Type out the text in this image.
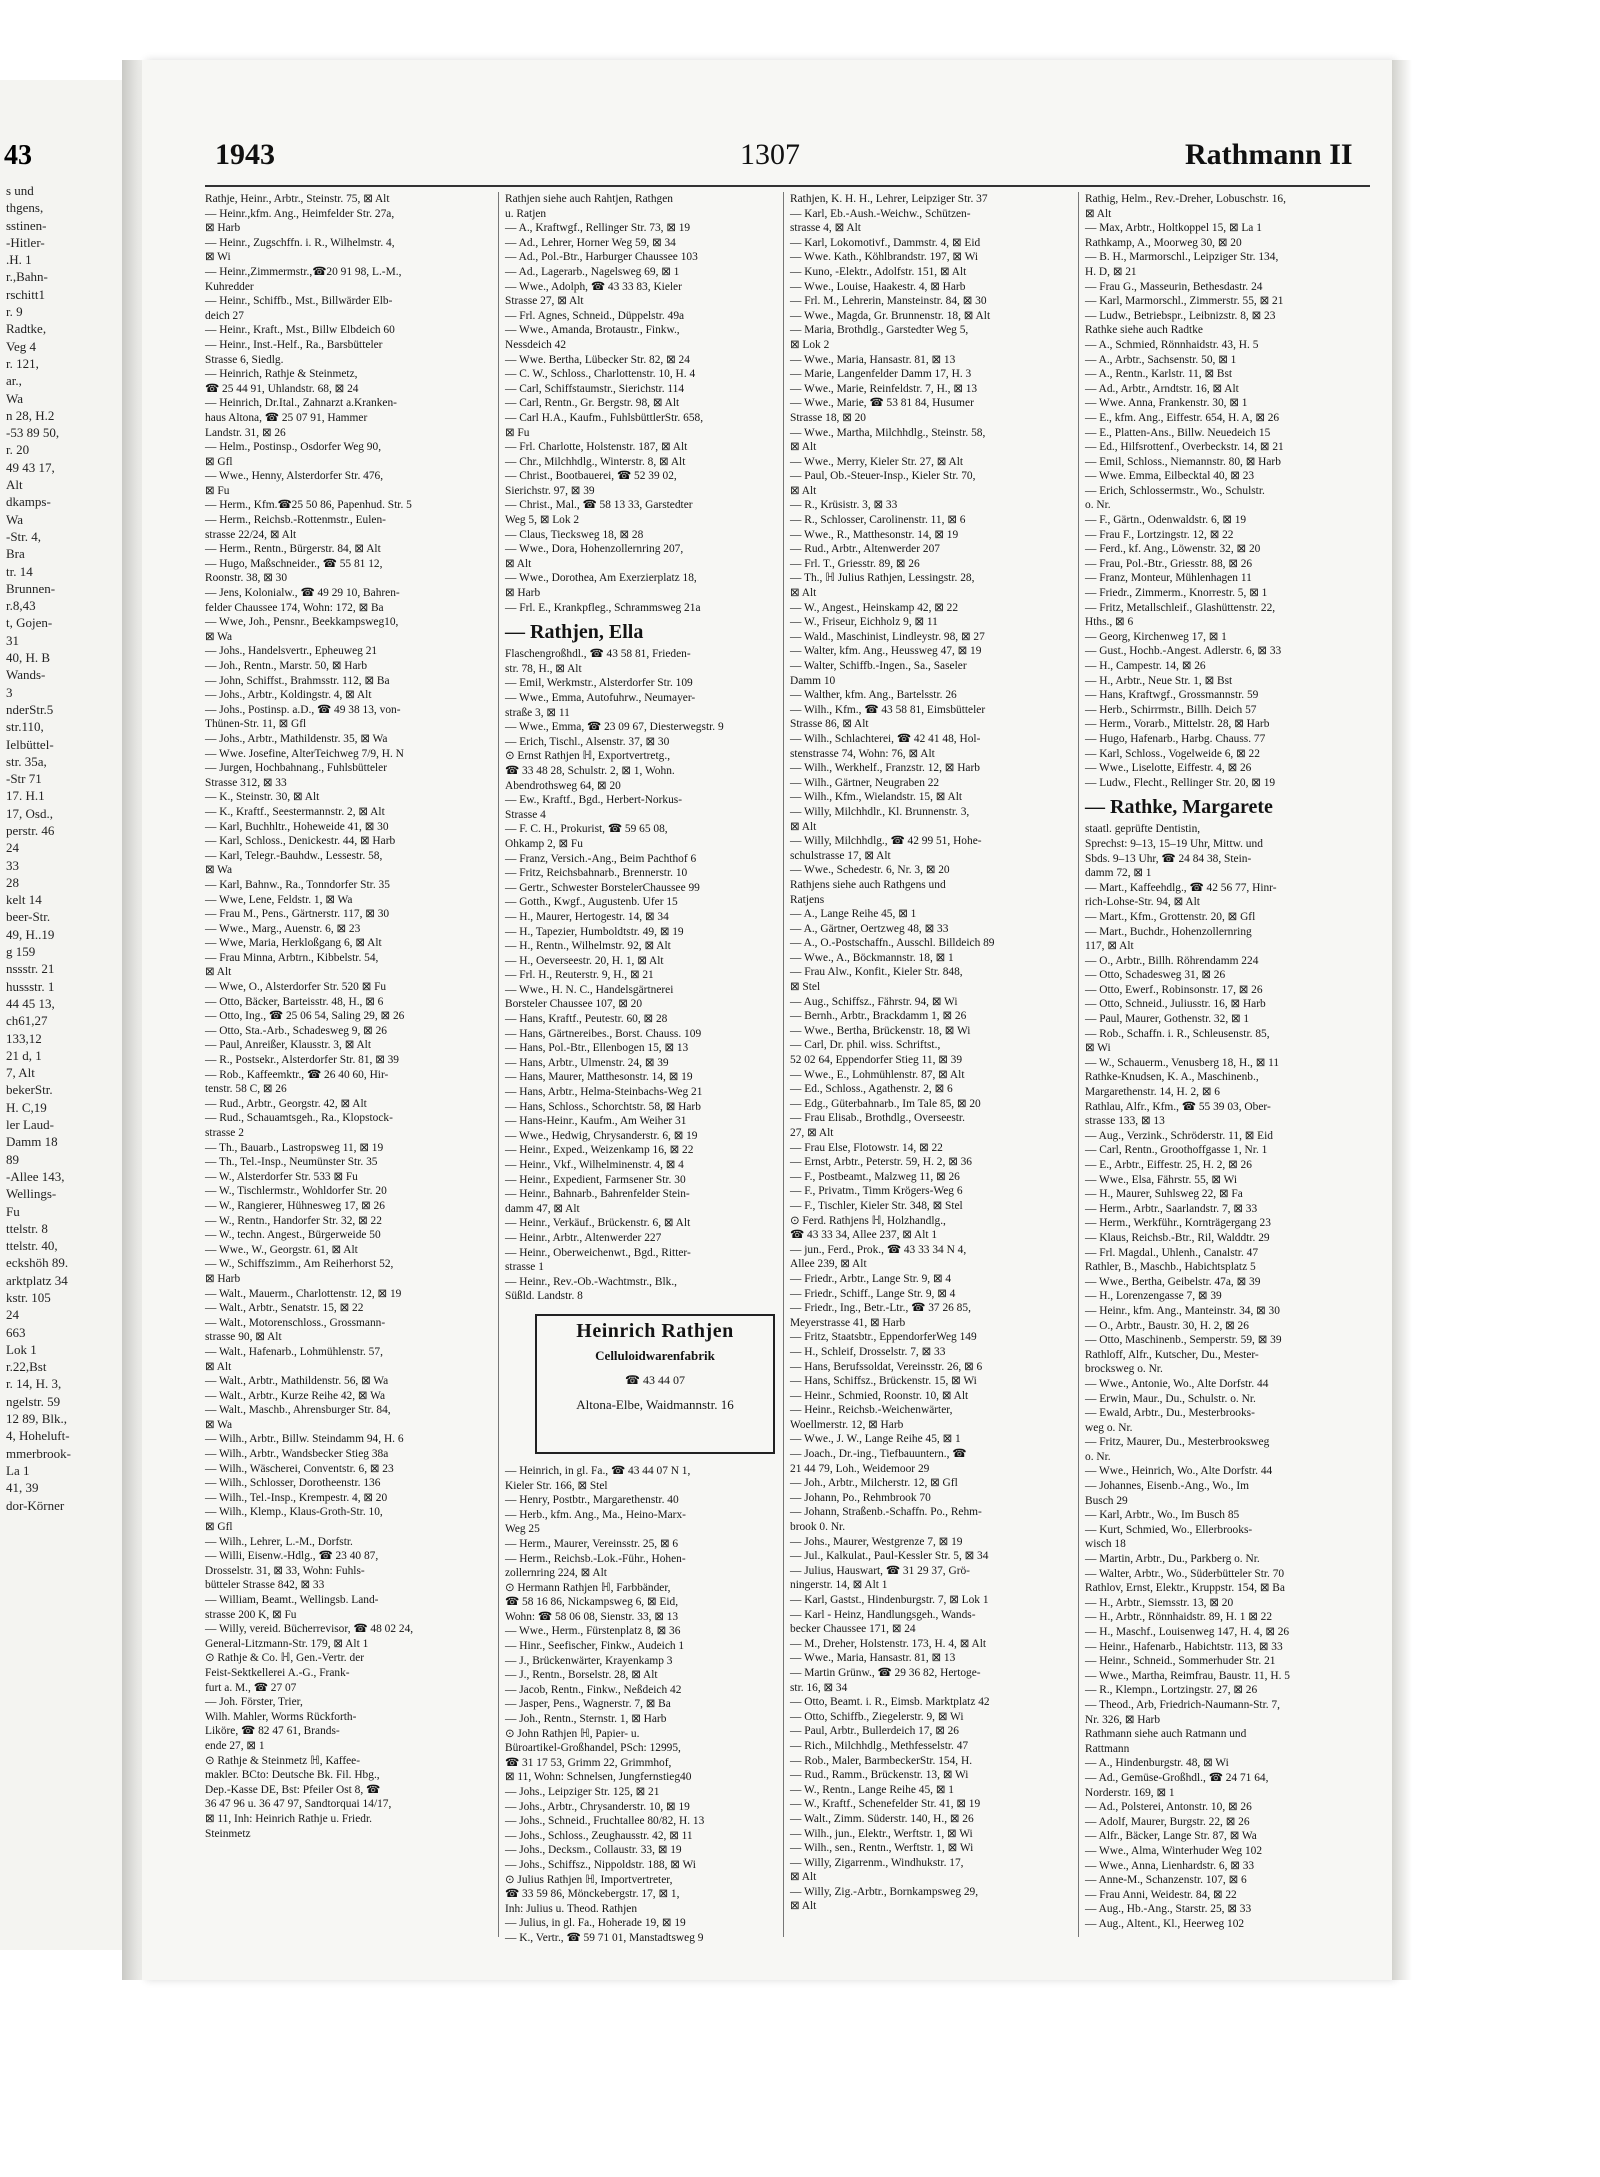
43
s und
thgens,
sstinen-
-Hitler-
.H. 1
r.,Bahn-
rschitt1
r. 9
Radtke,
Veg 4
r. 121,
ar.,
Wa
n 28, H.2
-53 89 50,
r. 20
49 43 17,
Alt
dkamps-
Wa
-Str. 4,
Bra
tr. 14
Brunnen-
r.8,43
t, Gojen-
31
40, H. B
Wands-
3
nderStr.5
str.110,
Ielbüttel-
str. 35a,
-Str 71
17. H.1
17, Osd.,
perstr. 46
24
33
28
kelt 14
beer-Str.
49, H..19
g 159
nssstr. 21
hussstr. 1
44 45 13,
ch61,27
133,12
21 d, 1
7, Alt
bekerStr.
H. C,19
ler Laud-
Damm 18
89
-Allee 143,
Wellings-
Fu
ttelstr. 8
ttelstr. 40,
eckshöh 89.
arktplatz 34
kstr. 105
24
663
Lok 1
r.22,Bst
r. 14, H. 3,
ngelstr. 59
12 89, Blk.,
4, Hoheluft-
mmerbrook-
La 1
41, 39
dor-Körner
1943	1307	Rathmann II
Rathje, Heinr., Arbtr., Steinstr. 75, ⊠ Alt
— Heinr.,kfm. Ang., Heimfelder Str. 27a,
⊠ Harb
— Heinr., Zugschffn. i. R., Wilhelmstr. 4,
⊠ Wi
— Heinr.,Zimmermstr.,☎20 91 98, L.-M.,
Kuhredder
— Heinr., Schiffb., Mst., Billwärder Elb-
deich 27
— Heinr., Kraft., Mst., Billw Elbdeich 60
— Heinr., Inst.-Helf., Ra., Barsbütteler
Strasse 6, Siedlg.
— Heinrich, Rathje & Steinmetz,
☎ 25 44 91, Uhlandstr. 68, ⊠ 24
— Heinrich, Dr.Ital., Zahnarzt a.Kranken-
haus Altona, ☎ 25 07 91, Hammer
Landstr. 31, ⊠ 26
— Helm., Postinsp., Osdorfer Weg 90,
⊠ Gfl
— Wwe., Henny, Alsterdorfer Str. 476,
⊠ Fu
— Herm., Kfm.☎25 50 86, Papenhud. Str. 5
— Herm., Reichsb.-Rottenmstr., Eulen-
strasse 22/24, ⊠ Alt
— Herm., Rentn., Bürgerstr. 84, ⊠ Alt
— Hugo, Maßschneider., ☎ 55 81 12,
Roonstr. 38, ⊠ 30
— Jens, Kolonialw., ☎ 49 29 10, Bahren-
felder Chaussee 174, Wohn: 172, ⊠ Ba
— Wwe, Joh., Pensnr., Beekkampsweg10,
⊠ Wa
— Johs., Handelsvertr., Epheuweg 21
— Joh., Rentn., Marstr. 50, ⊠ Harb
— John, Schiffst., Brahmsstr. 112, ⊠ Ba
— Johs., Arbtr., Koldingstr. 4, ⊠ Alt
— Johs., Postinsp. a.D., ☎ 49 38 13, von-
Thünen-Str. 11, ⊠ Gfl
— Johs., Arbtr., Mathildenstr. 35, ⊠ Wa
— Wwe. Josefine, AlterTeichweg 7/9, H. N
— Jurgen, Hochbahnang., Fuhlsbütteler
Strasse 312, ⊠ 33
— K., Steinstr. 30, ⊠ Alt
— K., Kraftf., Seestermannstr. 2, ⊠ Alt
— Karl, Buchhltr., Hoheweide 41, ⊠ 30
— Karl, Schloss., Denickestr. 44, ⊠ Harb
— Karl, Telegr.-Bauhdw., Lessestr. 58,
⊠ Wa
— Karl, Bahnw., Ra., Tonndorfer Str. 35
— Wwe, Lene, Feldstr. 1, ⊠ Wa
— Frau M., Pens., Gärtnerstr. 117, ⊠ 30
— Wwe., Marg., Auenstr. 6, ⊠ 23
— Wwe, Maria, Herkloßgang 6, ⊠ Alt
— Frau Minna, Arbtrn., Kibbelstr. 54,
⊠ Alt
— Wwe, O., Alsterdorfer Str. 520 ⊠ Fu
— Otto, Bäcker, Barteisstr. 48, H., ⊠ 6
— Otto, Ing., ☎ 25 06 54, Saling 29, ⊠ 26
— Otto, Sta.-Arb., Schadesweg 9, ⊠ 26
— Paul, Anreißer, Klausstr. 3, ⊠ Alt
— R., Postsekr., Alsterdorfer Str. 81, ⊠ 39
— Rob., Kaffeemktr., ☎ 26 40 60, Hir-
tenstr. 58 C, ⊠ 26
— Rud., Arbtr., Georgstr. 42, ⊠ Alt
— Rud., Schauamtsgeh., Ra., Klopstock-
strasse 2
— Th., Bauarb., Lastropsweg 11, ⊠ 19
— Th., Tel.-Insp., Neumünster Str. 35
— W., Alsterdorfer Str. 533 ⊠ Fu
— W., Tischlermstr., Wohldorfer Str. 20
— W., Rangierer, Hühnesweg 17, ⊠ 26
— W., Rentn., Handorfer Str. 32, ⊠ 22
— W., techn. Angest., Bürgerweide 50
— Wwe., W., Georgstr. 61, ⊠ Alt
— W., Schiffszimm., Am Reiherhorst 52,
⊠ Harb
— Walt., Mauerm., Charlottenstr. 12, ⊠ 19
— Walt., Arbtr., Senatstr. 15, ⊠ 22
— Walt., Motorenschloss., Grossmann-
strasse 90, ⊠ Alt
— Walt., Hafenarb., Lohmühlenstr. 57,
⊠ Alt
— Walt., Arbtr., Mathildenstr. 56, ⊠ Wa
— Walt., Arbtr., Kurze Reihe 42, ⊠ Wa
— Walt., Maschb., Ahrensburger Str. 84,
⊠ Wa
— Wilh., Arbtr., Billw. Steindamm 94, H. 6
— Wilh., Arbtr., Wandsbecker Stieg 38a
— Wilh., Wäscherei, Conventstr. 6, ⊠ 23
— Wilh., Schlosser, Dorotheenstr. 136
— Wilh., Tel.-Insp., Krempestr. 4, ⊠ 20
— Wilh., Klemp., Klaus-Groth-Str. 10,
⊠ Gfl
— Wilh., Lehrer, L.-M., Dorfstr.
— Willi, Eisenw.-Hdlg., ☎ 23 40 87,
Drosselstr. 31, ⊠ 33, Wohn: Fuhls-
bütteler Strasse 842, ⊠ 33
— William, Beamt., Wellingsb. Land-
strasse 200 K, ⊠ Fu
— Willy, vereid. Bücherrevisor, ☎ 48 02 24,
General-Litzmann-Str. 179, ⊠ Alt 1
⊙ Rathje & Co. ℍ, Gen.-Vertr. der
Feist-Sektkellerei A.-G., Frank-
furt a. M., ☎ 27 07
— Joh. Förster, Trier,
Wilh. Mahler, Worms Rückforth-
Liköre, ☎ 82 47 61, Brands-
ende 27, ⊠ 1
⊙ Rathje & Steinmetz ℍ, Kaffee-
makler. BCto: Deutsche Bk. Fil. Hbg.,
Dep.-Kasse DE, Bst: Pfeiler Ost 8, ☎
36 47 96 u. 36 47 97, Sandtorquai 14/17,
⊠ 11, Inh: Heinrich Rathje u. Friedr.
Steinmetz
Rathjen siehe auch Rahtjen, Rathgen
u. Ratjen
— A., Kraftwgf., Rellinger Str. 73, ⊠ 19
— Ad., Lehrer, Horner Weg 59, ⊠ 34
— Ad., Pol.-Btr., Harburger Chaussee 103
— Ad., Lagerarb., Nagelsweg 69, ⊠ 1
— Wwe., Adolph, ☎ 43 33 83, Kieler
Strasse 27, ⊠ Alt
— Frl. Agnes, Schneid., Düppelstr. 49a
— Wwe., Amanda, Brotaustr., Finkw.,
Nessdeich 42
— Wwe. Bertha, Lübecker Str. 82, ⊠ 24
— C. W., Schloss., Charlottenstr. 10, H. 4
— Carl, Schiffstaumstr., Sierichstr. 114
— Carl, Rentn., Gr. Bergstr. 98, ⊠ Alt
— Carl H.A., Kaufm., FuhlsbüttlerStr. 658,
⊠ Fu
— Frl. Charlotte, Holstenstr. 187, ⊠ Alt
— Chr., Milchhdlg., Winterstr. 8, ⊠ Alt
— Christ., Bootbauerei, ☎ 52 39 02,
Sierichstr. 97, ⊠ 39
— Christ., Mal., ☎ 58 13 33, Garstedter
Weg 5, ⊠ Lok 2
— Claus, Tiecksweg 18, ⊠ 28
— Wwe., Dora, Hohenzollernring 207,
⊠ Alt
— Wwe., Dorothea, Am Exerzierplatz 18,
⊠ Harb
— Frl. E., Krankpfleg., Schrammsweg 21a
— Rathjen, Ella
Flaschengroßhdl., ☎ 43 58 81, Frieden-
str. 78, H., ⊠ Alt
— Emil, Werkmstr., Alsterdorfer Str. 109
— Wwe., Emma, Autofuhrw., Neumayer-
straße 3, ⊠ 11
— Wwe., Emma, ☎ 23 09 67, Diesterwegstr. 9
— Erich, Tischl., Alsenstr. 37, ⊠ 30
⊙ Ernst Rathjen ℍ, Exportvertretg.,
☎ 33 48 28, Schulstr. 2, ⊠ 1, Wohn.
Abendrothsweg 64, ⊠ 20
— Ew., Kraftf., Bgd., Herbert-Norkus-
Strasse 4
— F. C. H., Prokurist, ☎ 59 65 08,
Ohkamp 2, ⊠ Fu
— Franz, Versich.-Ang., Beim Pachthof 6
— Fritz, Reichsbahnarb., Brennerstr. 10
— Gertr., Schwester BorstelerChaussee 99
— Gotth., Kwgf., Augustenb. Ufer 15
— H., Maurer, Hertogestr. 14, ⊠ 34
— H., Tapezier, Humboldtstr. 49, ⊠ 19
— H., Rentn., Wilhelmstr. 92, ⊠ Alt
— H., Oeverseestr. 20, H. 1, ⊠ Alt
— Frl. H., Reuterstr. 9, H., ⊠ 21
— Wwe., H. N. C., Handelsgärtnerei
Borsteler Chaussee 107, ⊠ 20
— Hans, Kraftf., Peutestr. 60, ⊠ 28
— Hans, Gärtnereibes., Borst. Chauss. 109
— Hans, Pol.-Btr., Ellenbogen 15, ⊠ 13
— Hans, Arbtr., Ulmenstr. 24, ⊠ 39
— Hans, Maurer, Matthesonstr. 14, ⊠ 19
— Hans, Arbtr., Helma-Steinbachs-Weg 21
— Hans, Schloss., Schorchtstr. 58, ⊠ Harb
— Hans-Heinr., Kaufm., Am Weiher 31
— Wwe., Hedwig, Chrysanderstr. 6, ⊠ 19
— Heinr., Exped., Weizenkamp 16, ⊠ 22
— Heinr., Vkf., Wilhelminenstr. 4, ⊠ 4
— Heinr., Expedient, Farmsener Str. 30
— Heinr., Bahnarb., Bahrenfelder Stein-
damm 47, ⊠ Alt
— Heinr., Verkäuf., Brückenstr. 6, ⊠ Alt
— Heinr., Arbtr., Altenwerder 227
— Heinr., Oberweichenwt., Bgd., Ritter-
strasse 1
— Heinr., Rev.-Ob.-Wachtmstr., Blk.,
Süßld. Landstr. 8
Heinrich Rathjen
Celluloidwarenfabrik
☎ 43 44 07
Altona-Elbe, Waidmannstr. 16
— Heinrich, in gl. Fa., ☎ 43 44 07 N 1,
Kieler Str. 166, ⊠ Stel
— Henry, Postbtr., Margarethenstr. 40
— Herb., kfm. Ang., Ma., Heino-Marx-
Weg 25
— Herm., Maurer, Vereinsstr. 25, ⊠ 6
— Herm., Reichsb.-Lok.-Führ., Hohen-
zollernring 224, ⊠ Alt
⊙ Hermann Rathjen ℍ, Farbbänder,
☎ 58 16 86, Nickampsweg 6, ⊠ Eid,
Wohn: ☎ 58 06 08, Sienstr. 33, ⊠ 13
— Wwe., Herm., Fürstenplatz 8, ⊠ 36
— Hinr., Seefischer, Finkw., Audeich 1
— J., Brückenwärter, Krayenkamp 3
— J., Rentn., Borselstr. 28, ⊠ Alt
— Jacob, Rentn., Finkw., Neßdeich 42
— Jasper, Pens., Wagnerstr. 7, ⊠ Ba
— Joh., Rentn., Sternstr. 1, ⊠ Harb
⊙ John Rathjen ℍ, Papier- u.
Büroartikel-Großhandel, PSch: 12995,
☎ 31 17 53, Grimm 22, Grimmhof,
⊠ 11, Wohn: Schnelsen, Jungfernstieg40
— Johs., Leipziger Str. 125, ⊠ 21
— Johs., Arbtr., Chrysanderstr. 10, ⊠ 19
— Johs., Schneid., Fruchtallee 80/82, H. 13
— Johs., Schloss., Zeughausstr. 42, ⊠ 11
— Johs., Decksm., Collaustr. 33, ⊠ 19
— Johs., Schiffsz., Nippoldstr. 188, ⊠ Wi
⊙ Julius Rathjen ℍ, Importvertreter,
☎ 33 59 86, Mönckebergstr. 17, ⊠ 1,
Inh: Julius u. Theod. Rathjen
— Julius, in gl. Fa., Hoherade 19, ⊠ 19
— K., Vertr., ☎ 59 71 01, Manstadtsweg 9
Rathjen, K. H. H., Lehrer, Leipziger Str. 37
— Karl, Eb.-Aush.-Weichw., Schützen-
strasse 4, ⊠ Alt
— Karl, Lokomotivf., Dammstr. 4, ⊠ Eid
— Wwe. Kath., Köhlbrandstr. 197, ⊠ Wi
— Kuno, -Elektr., Adolfstr. 151, ⊠ Alt
— Wwe., Louise, Haakestr. 4, ⊠ Harb
— Frl. M., Lehrerin, Mansteinstr. 84, ⊠ 30
— Wwe., Magda, Gr. Brunnenstr. 18, ⊠ Alt
— Maria, Brothdlg., Garstedter Weg 5,
⊠ Lok 2
— Wwe., Maria, Hansastr. 81, ⊠ 13
— Marie, Langenfelder Damm 17, H. 3
— Wwe., Marie, Reinfeldstr. 7, H., ⊠ 13
— Wwe., Marie, ☎ 53 81 84, Husumer
Strasse 18, ⊠ 20
— Wwe., Martha, Milchhdlg., Steinstr. 58,
⊠ Alt
— Wwe., Merry, Kieler Str. 27, ⊠ Alt
— Paul, Ob.-Steuer-Insp., Kieler Str. 70,
⊠ Alt
— R., Krüsistr. 3, ⊠ 33
— R., Schlosser, Carolinenstr. 11, ⊠ 6
— Wwe., R., Matthesonstr. 14, ⊠ 19
— Rud., Arbtr., Altenwerder 207
— Frl. T., Griesstr. 89, ⊠ 26
— Th., ℍ Julius Rathjen, Lessingstr. 28,
⊠ Alt
— W., Angest., Heinskamp 42, ⊠ 22
— W., Friseur, Eichholz 9, ⊠ 11
— Wald., Maschinist, Lindleystr. 98, ⊠ 27
— Walter, kfm. Ang., Heussweg 47, ⊠ 19
— Walter, Schiffb.-Ingen., Sa., Saseler
Damm 10
— Walther, kfm. Ang., Bartelsstr. 26
— Wilh., Kfm., ☎ 43 58 81, Eimsbütteler
Strasse 86, ⊠ Alt
— Wilh., Schlachterei, ☎ 42 41 48, Hol-
stenstrasse 74, Wohn: 76, ⊠ Alt
— Wilh., Werkhelf., Franzstr. 12, ⊠ Harb
— Wilh., Gärtner, Neugraben 22
— Wilh., Kfm., Wielandstr. 15, ⊠ Alt
— Willy, Milchhdlr., Kl. Brunnenstr. 3,
⊠ Alt
— Willy, Milchhdlg., ☎ 42 99 51, Hohe-
schulstrasse 17, ⊠ Alt
— Wwe., Schedestr. 6, Nr. 3, ⊠ 20
Rathjens siehe auch Rathgens und
Ratjens
— A., Lange Reihe 45, ⊠ 1
— A., Gärtner, Oertzweg 48, ⊠ 33
— A., O.-Postschaffn., Ausschl. Billdeich 89
— Wwe., A., Böckmannstr. 18, ⊠ 1
— Frau Alw., Konfit., Kieler Str. 848,
⊠ Stel
— Aug., Schiffsz., Fährstr. 94, ⊠ Wi
— Bernh., Arbtr., Brackdamm 1, ⊠ 26
— Wwe., Bertha, Brückenstr. 18, ⊠ Wi
— Carl, Dr. phil. wiss. Schriftst.,
52 02 64, Eppendorfer Stieg 11, ⊠ 39
— Wwe., E., Lohmühlenstr. 87, ⊠ Alt
— Ed., Schloss., Agathenstr. 2, ⊠ 6
— Edg., Güterbahnarb., Im Tale 85, ⊠ 20
— Frau Elisab., Brothdlg., Overseestr.
27, ⊠ Alt
— Frau Else, Flotowstr. 14, ⊠ 22
— Ernst, Arbtr., Peterstr. 59, H. 2, ⊠ 36
— F., Postbeamt., Malzweg 11, ⊠ 26
— F., Privatm., Timm Krögers-Weg 6
— F., Tischler, Kieler Str. 348, ⊠ Stel
⊙ Ferd. Rathjens ℍ, Holzhandlg.,
☎ 43 33 34, Allee 237, ⊠ Alt 1
— jun., Ferd., Prok., ☎ 43 33 34 N 4,
Allee 239, ⊠ Alt
— Friedr., Arbtr., Lange Str. 9, ⊠ 4
— Friedr., Schiff., Lange Str. 9, ⊠ 4
— Friedr., Ing., Betr.-Ltr., ☎ 37 26 85,
Meyerstrasse 41, ⊠ Harb
— Fritz, Staatsbtr., EppendorferWeg 149
— H., Schleif, Drosselstr. 7, ⊠ 33
— Hans, Berufssoldat, Vereinsstr. 26, ⊠ 6
— Hans, Schiffsz., Brückenstr. 15, ⊠ Wi
— Heinr., Schmied, Roonstr. 10, ⊠ Alt
— Heinr., Reichsb.-Weichenwärter,
Woellmerstr. 12, ⊠ Harb
— Wwe., J. W., Lange Reihe 45, ⊠ 1
— Joach., Dr.-ing., Tiefbauuntern., ☎
21 44 79, Loh., Weidemoor 29
— Joh., Arbtr., Milcherstr. 12, ⊠ Gfl
— Johann, Po., Rehmbrook 70
— Johann, Straßenb.-Schaffn. Po., Rehm-
brook 0. Nr.
— Johs., Maurer, Westgrenze 7, ⊠ 19
— Jul., Kalkulat., Paul-Kessler Str. 5, ⊠ 34
— Julius, Hauswart, ☎ 31 29 37, Grö-
ningerstr. 14, ⊠ Alt 1
— Karl, Gastst., Hindenburgstr. 7, ⊠ Lok 1
— Karl - Heinz, Handlungsgeh., Wands-
becker Chaussee 171, ⊠ 24
— M., Dreher, Holstenstr. 173, H. 4, ⊠ Alt
— Wwe., Maria, Hansastr. 81, ⊠ 13
— Martin Grünw., ☎ 29 36 82, Hertoge-
str. 16, ⊠ 34
— Otto, Beamt. i. R., Eimsb. Marktplatz 42
— Otto, Schiffb., Ziegelerstr. 9, ⊠ Wi
— Paul, Arbtr., Bullerdeich 17, ⊠ 26
— Rich., Milchhdlg., Methfesselstr. 47
— Rob., Maler, BarmbeckerStr. 154, H.
— Rud., Ramm., Brückenstr. 13, ⊠ Wi
— W., Rentn., Lange Reihe 45, ⊠ 1
— W., Kraftf., Schenefelder Str. 41, ⊠ 19
— Walt., Zimm. Süderstr. 140, H., ⊠ 26
— Wilh., jun., Elektr., Werftstr. 1, ⊠ Wi
— Wilh., sen., Rentn., Werftstr. 1, ⊠ Wi
— Willy, Zigarrenm., Windhukstr. 17,
⊠ Alt
— Willy, Zig.-Arbtr., Bornkampsweg 29,
⊠ Alt
Rathig, Helm., Rev.-Dreher, Lobuschstr. 16,
⊠ Alt
— Max, Arbtr., Holtkoppel 15, ⊠ La 1
Rathkamp, A., Moorweg 30, ⊠ 20
— B. H., Marmorschl., Leipziger Str. 134,
H. D, ⊠ 21
— Frau G., Masseurin, Bethesdastr. 24
— Karl, Marmorschl., Zimmerstr. 55, ⊠ 21
— Ludw., Betriebspr., Leibnizstr. 8, ⊠ 23
Rathke siehe auch Radtke
— A., Schmied, Rönnhaidstr. 43, H. 5
— A., Arbtr., Sachsenstr. 50, ⊠ 1
— A., Rentn., Karlstr. 11, ⊠ Bst
— Ad., Arbtr., Arndtstr. 16, ⊠ Alt
— Wwe. Anna, Frankenstr. 30, ⊠ 1
— E., kfm. Ang., Eiffestr. 654, H. A, ⊠ 26
— E., Platten-Ans., Billw. Neuedeich 15
— Ed., Hilfsrottenf., Overbeckstr. 14, ⊠ 21
— Emil, Schloss., Niemannstr. 80, ⊠ Harb
— Wwe. Emma, Eilbecktal 40, ⊠ 23
— Erich, Schlossermstr., Wo., Schulstr.
o. Nr.
— F., Gärtn., Odenwaldstr. 6, ⊠ 19
— Frau F., Lortzingstr. 12, ⊠ 22
— Ferd., kf. Ang., Löwenstr. 32, ⊠ 20
— Frau, Pol.-Btr., Griesstr. 88, ⊠ 26
— Franz, Monteur, Mühlenhagen 11
— Friedr., Zimmerm., Knorrestr. 5, ⊠ 1
— Fritz, Metallschleif., Glashüttenstr. 22,
Hths., ⊠ 6
— Georg, Kirchenweg 17, ⊠ 1
— Gust., Hochb.-Angest. Adlerstr. 6, ⊠ 33
— H., Campestr. 14, ⊠ 26
— H., Arbtr., Neue Str. 1, ⊠ Bst
— Hans, Kraftwgf., Grossmannstr. 59
— Herb., Schirrmstr., Billh. Deich 57
— Herm., Vorarb., Mittelstr. 28, ⊠ Harb
— Hugo, Hafenarb., Harbg. Chauss. 77
— Karl, Schloss., Vogelweide 6, ⊠ 22
— Wwe., Liselotte, Eiffestr. 4, ⊠ 26
— Ludw., Flecht., Rellinger Str. 20, ⊠ 19
— Rathke, Margarete
staatl. geprüfte Dentistin,
Sprechst: 9–13, 15–19 Uhr, Mittw. und
Sbds. 9–13 Uhr, ☎ 24 84 38, Stein-
damm 72, ⊠ 1
— Mart., Kaffeehdlg., ☎ 42 56 77, Hinr-
rich-Lohse-Str. 94, ⊠ Alt
— Mart., Kfm., Grottenstr. 20, ⊠ Gfl
— Mart., Buchdr., Hohenzollernring
117, ⊠ Alt
— O., Arbtr., Billh. Röhrendamm 224
— Otto, Schadesweg 31, ⊠ 26
— Otto, Ewerf., Robinsonstr. 17, ⊠ 26
— Otto, Schneid., Juliusstr. 16, ⊠ Harb
— Paul, Maurer, Gothenstr. 32, ⊠ 1
— Rob., Schaffn. i. R., Schleusenstr. 85,
⊠ Wi
— W., Schauerm., Venusberg 18, H., ⊠ 11
Rathke-Knudsen, K. A., Maschinenb.,
Margarethenstr. 14, H. 2, ⊠ 6
Rathlau, Alfr., Kfm., ☎ 55 39 03, Ober-
strasse 133, ⊠ 13
— Aug., Verzink., Schröderstr. 11, ⊠ Eid
— Carl, Rentn., Groothoffgasse 1, Nr. 1
— E., Arbtr., Eiffestr. 25, H. 2, ⊠ 26
— Wwe., Elsa, Fährstr. 55, ⊠ Wi
— H., Maurer, Suhlsweg 22, ⊠ Fa
— Herm., Arbtr., Saarlandstr. 7, ⊠ 33
— Herm., Werkführ., Kornträgergang 23
— Klaus, Reichsb.-Btr., Ril, Walddtr. 29
— Frl. Magdal., Uhlenh., Canalstr. 47
Rathler, B., Maschb., Habichtsplatz 5
— Wwe., Bertha, Geibelstr. 47a, ⊠ 39
— H., Lorenzengasse 7, ⊠ 39
— Heinr., kfm. Ang., Manteinstr. 34, ⊠ 30
— O., Arbtr., Baustr. 30, H. 2, ⊠ 26
— Otto, Maschinenb., Semperstr. 59, ⊠ 39
Rathloff, Alfr., Kutscher, Du., Mester-
brocksweg o. Nr.
— Wwe., Antonie, Wo., Alte Dorfstr. 44
— Erwin, Maur., Du., Schulstr. o. Nr.
— Ewald, Arbtr., Du., Mesterbrooks-
weg o. Nr.
— Fritz, Maurer, Du., Mesterbrooksweg
o. Nr.
— Wwe., Heinrich, Wo., Alte Dorfstr. 44
— Johannes, Eisenb.-Ang., Wo., Im
Busch 29
— Karl, Arbtr., Wo., Im Busch 85
— Kurt, Schmied, Wo., Ellerbrooks-
wisch 18
— Martin, Arbtr., Du., Parkberg o. Nr.
— Walter, Arbtr., Wo., Süderbütteler Str. 70
Rathlov, Ernst, Elektr., Kruppstr. 154, ⊠ Ba
— H., Arbtr., Siemsstr. 13, ⊠ 20
— H., Arbtr., Rönnhaidstr. 89, H. 1 ⊠ 22
— H., Maschf., Louisenweg 147, H. 4, ⊠ 26
— Heinr., Hafenarb., Habichtstr. 113, ⊠ 33
— Heinr., Schneid., Sommerhuder Str. 21
— Wwe., Martha, Reimfrau, Baustr. 11, H. 5
— R., Klempn., Lortzingstr. 27, ⊠ 26
— Theod., Arb, Friedrich-Naumann-Str. 7,
Nr. 326, ⊠ Harb
Rathmann siehe auch Ratmann und
Rattmann
— A., Hindenburgstr. 48, ⊠ Wi
— Ad., Gemüse-Großhdl., ☎ 24 71 64,
Norderstr. 169, ⊠ 1
— Ad., Polsterei, Antonstr. 10, ⊠ 26
— Adolf, Maurer, Burgstr. 22, ⊠ 26
— Alfr., Bäcker, Lange Str. 87, ⊠ Wa
— Wwe., Alma, Winterhuder Weg 102
— Wwe., Anna, Lienhardstr. 6, ⊠ 33
— Anne-M., Schanzenstr. 107, ⊠ 6
— Frau Anni, Weidestr. 84, ⊠ 22
— Aug., Hb.-Ang., Starstr. 25, ⊠ 33
— Aug., Altent., Kl., Heerweg 102
